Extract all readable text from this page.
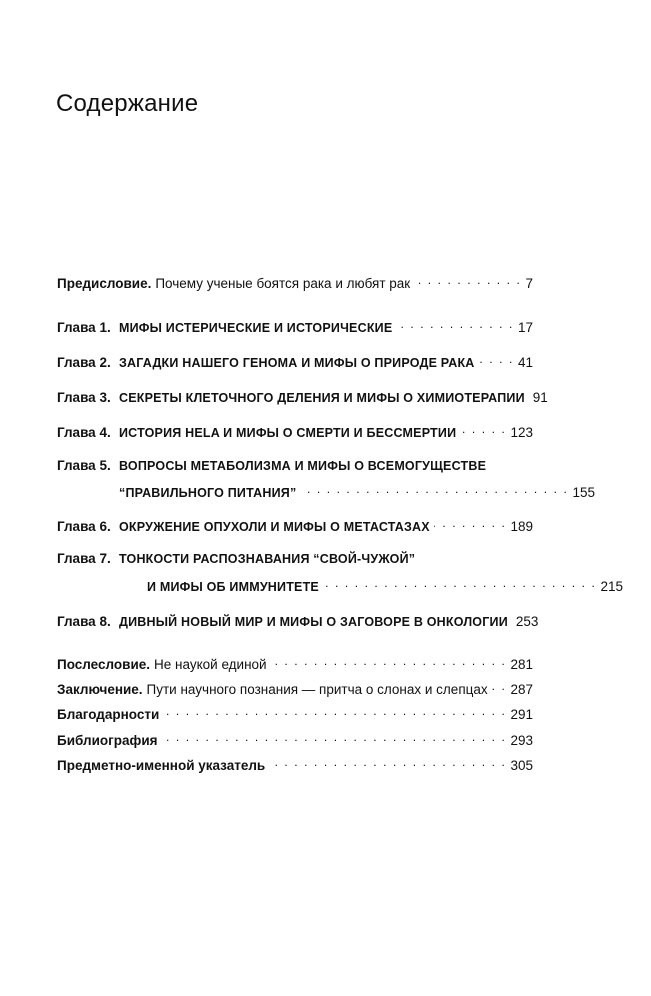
Содержание
Предисловие. Почему ученые боятся рака и любят рак . . .	7
Глава 1. МИФЫ ИСТЕРИЧЕСКИЕ И ИСТОРИЧЕСКИЕ . . .	17
Глава 2. ЗАГАДКИ НАШЕГО ГЕНОМА И МИФЫ О ПРИРОДЕ РАКА . . .	41
Глава 3. СЕКРЕТЫ КЛЕТОЧНОГО ДЕЛЕНИЯ И МИФЫ О ХИМИОТЕРАПИИ 91
Глава 4. ИСТОРИЯ HELA И МИФЫ О СМЕРТИ И БЕССМЕРТИИ . . .	123
Глава 5. ВОПРОСЫ МЕТАБОЛИЗМА И МИФЫ О ВСЕМОГУЩЕСТВЕ
“ПРАВИЛЬНОГО ПИТАНИЯ” . . .	155
Глава 6. ОКРУЖЕНИЕ ОПУХОЛИ И МИФЫ О МЕТАСТАЗАХ . . .	189
Глава 7. ТОНКОСТИ РАСПОЗНАВАНИЯ “СВОЙ-ЧУЖОЙ”
И МИФЫ ОБ ИММУНИТЕТЕ . . .	215
Глава 8. ДИВНЫЙ НОВЫЙ МИР И МИФЫ О ЗАГОВОРЕ В ОНКОЛОГИИ 253
Послесловие. Не наукой единой . . .	281
Заключение. Пути научного познания — притча о слонах и слепцах . . . 287
Благодарности . . .	291
Библиография . . .	293
Предметно-именной указатель . . .	305
